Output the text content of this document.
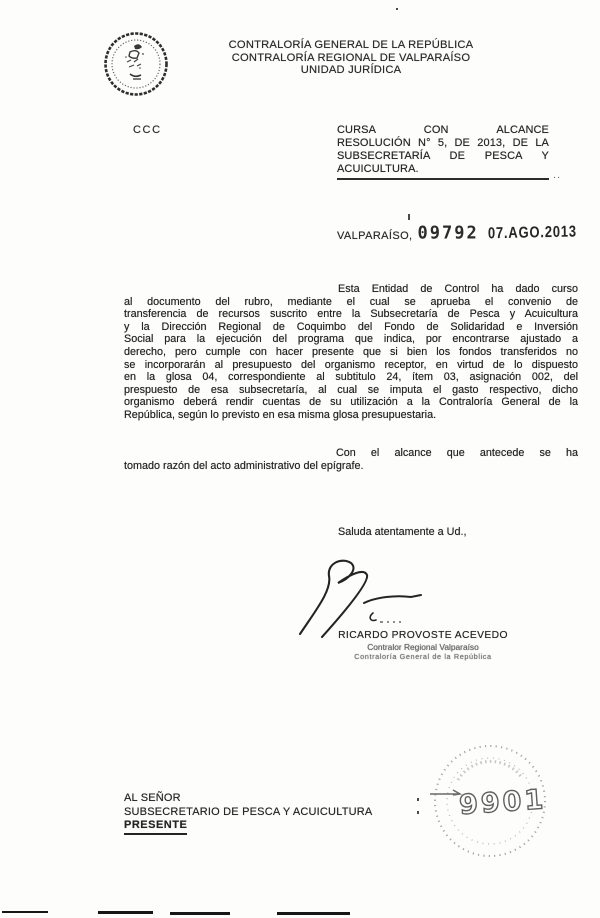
CONTRALORÍA GENERAL DE LA REPÚBLICA
CONTRALORÍA REGIONAL DE VALPARAÍSO
UNIDAD JURÍDICA
CCC	CURSA CON ALCANCE
RESOLUCIÓN N° 5, DE 2013, DE LA
SUBSECRETARÍA DE PESCA Y
ACUICULTURA.
..
VALPARAÍSO, 09792 07.AGO.2013
Esta Entidad de Control ha dado curso
al documento del rubro, mediante el cual se aprueba el convenio de
transferencia de recursos suscrito entre la Subsecretaría de Pesca y Acuicultura
y la Dirección Regional de Coquimbo del Fondo de Solidaridad e Inversión
Social para la ejecución del programa que indica, por encontrarse ajustado a
derecho, pero cumple con hacer presente que si bien los fondos transferidos no
se incorporarán al presupuesto del organismo receptor, en virtud de lo dispuesto
en la glosa 04, correspondiente al subtitulo 24, ítem 03, asignación 002, del
prespuesto de esa subsecretaría, al cual se imputa el gasto respectivo, dicho
organismo deberá rendir cuentas de su utilización a la Contraloría General de la
República, según lo previsto en esa misma glosa presupuestaria.
Con el alcance que antecede se ha
tomado razón del acto administrativo del epígrafe.
Saluda atentamente a Ud.,
RICARDO PROVOSTE ACEVEDO
Contralor Regional Valparaíso
Contraloría General de la República
9901
AL SEÑOR
SUBSECRETARIO DE PESCA Y ACUICULTURA
PRESENTE
